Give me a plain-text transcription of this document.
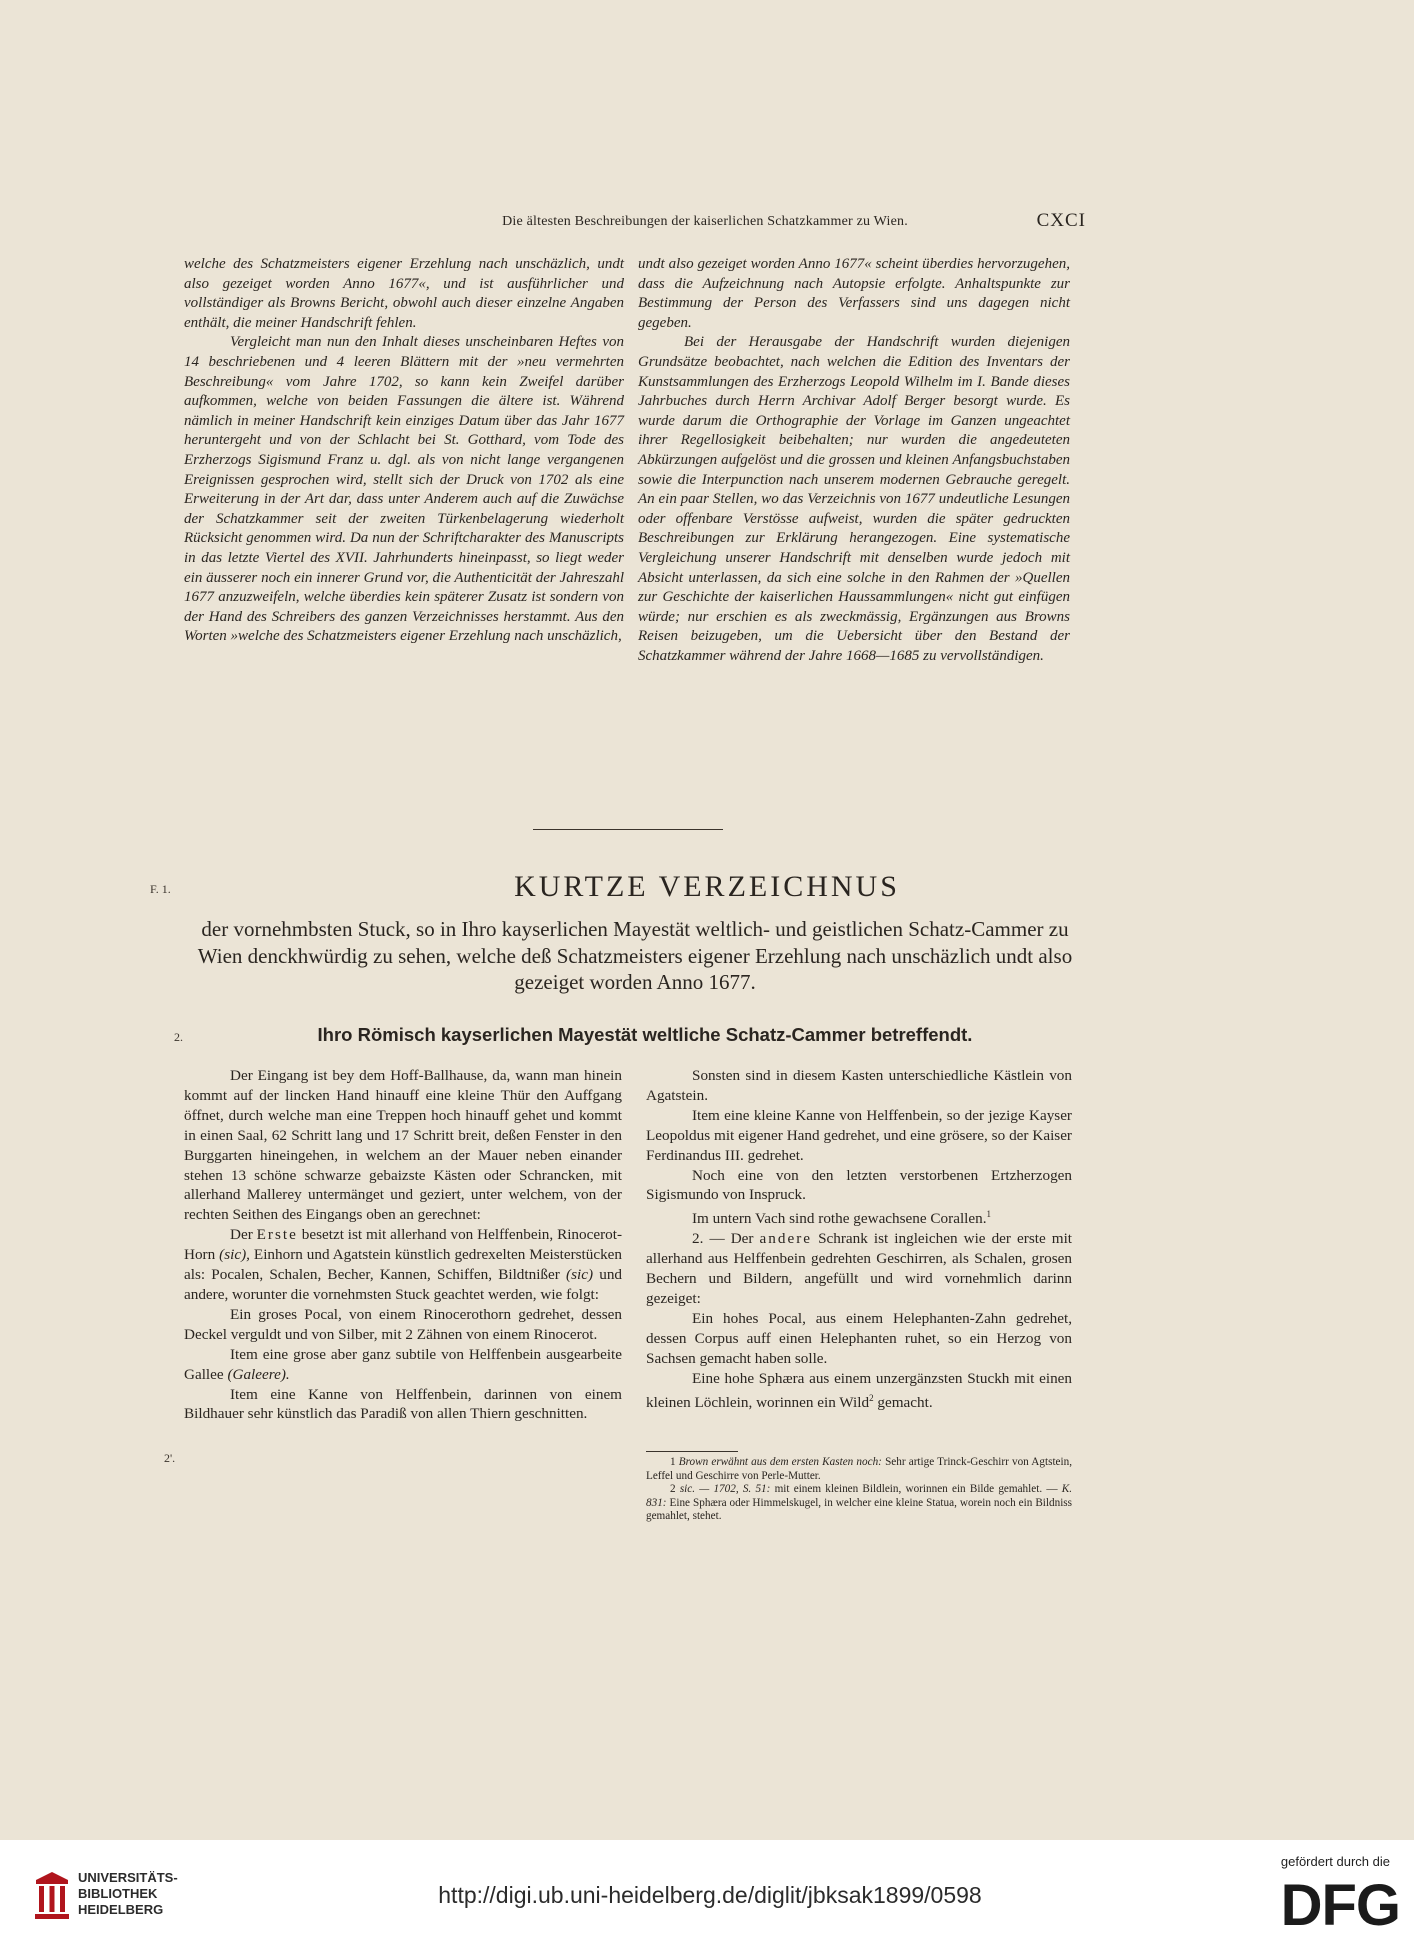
Die ältesten Beschreibungen der kaiserlichen Schatzkammer zu Wien.	CXCI

welche des Schatzmeisters eigener Erzehlung nach unschäzlich, undt also gezeiget worden Anno 1677«, und ist ausführlicher und vollständiger als Browns Bericht, obwohl auch dieser einzelne Angaben enthält, die meiner Handschrift fehlen.

Vergleicht man nun den Inhalt dieses unscheinbaren Heftes von 14 beschriebenen und 4 leeren Blättern mit der »neu vermehrten Beschreibung« vom Jahre 1702, so kann kein Zweifel darüber aufkommen, welche von beiden Fassungen die ältere ist. Während nämlich in meiner Handschrift kein einziges Datum über das Jahr 1677 heruntergeht und von der Schlacht bei St. Gotthard, vom Tode des Erzherzogs Sigismund Franz u. dgl. als von nicht lange vergangenen Ereignissen gesprochen wird, stellt sich der Druck von 1702 als eine Erweiterung in der Art dar, dass unter Anderem auch auf die Zuwächse der Schatzkammer seit der zweiten Türkenbelagerung wiederholt Rücksicht genommen wird. Da nun der Schriftcharakter des Manuscripts in das letzte Viertel des XVII. Jahrhunderts hineinpasst, so liegt weder ein äusserer noch ein innerer Grund vor, die Authenticität der Jahreszahl 1677 anzuzweifeln, welche überdies kein späterer Zusatz ist sondern von der Hand des Schreibers des ganzen Verzeichnisses herstammt. Aus den Worten »welche des Schatzmeisters eigener Erzehlung nach unschäzlich,

undt also gezeiget worden Anno 1677« scheint überdies hervorzugehen, dass die Aufzeichnung nach Autopsie erfolgte. Anhaltspunkte zur Bestimmung der Person des Verfassers sind uns dagegen nicht gegeben.

Bei der Herausgabe der Handschrift wurden diejenigen Grundsätze beobachtet, nach welchen die Edition des Inventars der Kunstsammlungen des Erzherzogs Leopold Wilhelm im I. Bande dieses Jahrbuches durch Herrn Archivar Adolf Berger besorgt wurde. Es wurde darum die Orthographie der Vorlage im Ganzen ungeachtet ihrer Regellosigkeit beibehalten; nur wurden die angedeuteten Abkürzungen aufgelöst und die grossen und kleinen Anfangsbuchstaben sowie die Interpunction nach unserem modernen Gebrauche geregelt. An ein paar Stellen, wo das Verzeichnis von 1677 undeutliche Lesungen oder offenbare Verstösse aufweist, wurden die später gedruckten Beschreibungen zur Erklärung herangezogen. Eine systematische Vergleichung unserer Handschrift mit denselben wurde jedoch mit Absicht unterlassen, da sich eine solche in den Rahmen der »Quellen zur Geschichte der kaiserlichen Haussammlungen« nicht gut einfügen würde; nur erschien es als zweckmässig, Ergänzungen aus Browns Reisen beizugeben, um die Uebersicht über den Bestand der Schatzkammer während der Jahre 1668—1685 zu vervollständigen.

F. 1.	KURTZE VERZEICHNUS
der vornehmbsten Stuck, so in Ihro kayserlichen Mayestät weltlich- und geistlichen Schatz-Cammer zu Wien denckhwürdig zu sehen, welche deß Schatzmeisters eigener Erzehlung nach unschäzlich undt also gezeiget worden Anno 1677.
2.	Ihro Römisch kayserlichen Mayestät weltliche Schatz-Cammer betreffendt.

Der Eingang ist bey dem Hoff-Ballhause, da, wann man hinein kommt auf der lincken Hand hinauff eine kleine Thür den Auffgang öffnet, durch welche man eine Treppen hoch hinauff gehet und kommt in einen Saal, 62 Schritt lang und 17 Schritt breit, deßen Fenster in den Burggarten hineingehen, in welchem an der Mauer neben einander stehen 13 schöne schwarze gebaizste Kästen oder Schrancken, mit allerhand Mallerey untermänget und geziert, unter welchem, von der rechten Seithen des Eingangs oben an gerechnet:

Der Erste besetzt ist mit allerhand von Helffenbein, Rinocerot-Horn (sic), Einhorn und Agatstein künstlich gedrexelten Meisterstücken als: Pocalen, Schalen, Becher, Kannen, Schiffen, Bildtnißer (sic) und andere, worunter die vornehmsten Stuck geachtet werden, wie folgt:

Ein groses Pocal, von einem Rinocerothorn gedrehet, dessen Deckel verguldt und von Silber, mit 2 Zähnen von einem Rinocerot.

Item eine grose aber ganz subtile von Helffenbein ausgearbeite Gallee (Galeere).

Item eine Kanne von Helffenbein, darinnen von einem Bildhauer sehr künstlich das Paradiß von allen Thiern geschnitten.

2'.

Sonsten sind in diesem Kasten unterschiedliche Kästlein von Agatstein.

Item eine kleine Kanne von Helffenbein, so der jezige Kayser Leopoldus mit eigener Hand gedrehet, und eine grösere, so der Kaiser Ferdinandus III. gedrehet.

Noch eine von den letzten verstorbenen Ertzherzogen Sigismundo von Inspruck.

Im untern Vach sind rothe gewachsene Corallen.$^1$

2. — Der andere Schrank ist ingleichen wie der erste mit allerhand aus Helffenbein gedrehten Geschirren, als Schalen, grosen Bechern und Bildern, angefüllt und wird vornehmlich darinn gezeiget:

Ein hohes Pocal, aus einem Helephanten-Zahn gedrehet, dessen Corpus auff einen Helephanten ruhet, so ein Herzog von Sachsen gemacht haben solle.

Eine hohe Sphæra aus einem unzergänzsten Stuckh mit einen kleinen Löchlein, worinnen ein Wild$^2$ gemacht.

1 Brown erwähnt aus dem ersten Kasten noch: Sehr artige Trinck-Geschirr von Agtstein, Leffel und Geschirre von Perle-Mutter.

2 sic. — 1702, S. 51: mit einem kleinen Bildlein, worinnen ein Bilde gemahlet. — K. 831: Eine Sphæra oder Himmelskugel, in welcher eine kleine Statua, worein noch ein Bildniss gemahlet, stehet.

UNIVERSITÄTS-
BIBLIOTHEK
HEIDELBERG
http://digi.ub.uni-heidelberg.de/diglit/jbksak1899/0598
gefördert durch die
DFG
